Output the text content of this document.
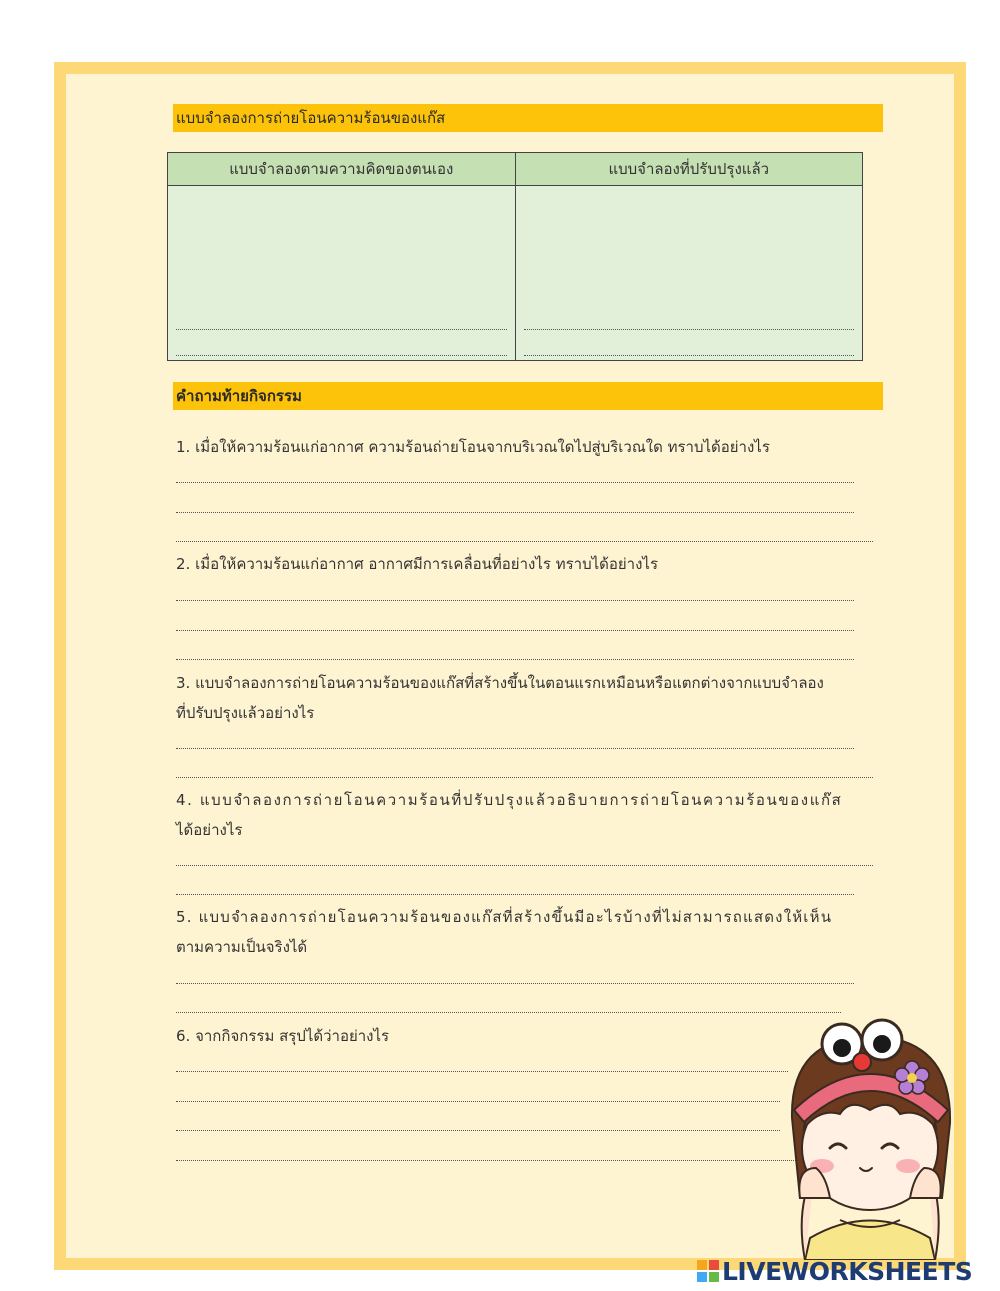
แบบจำลองการถ่ายโอนความร้อนของแก๊ส
แบบจำลองตามความคิดของตนเอง	แบบจำลองที่ปรับปรุงแล้ว

คำถามท้ายกิจกรรม
1. เมื่อให้ความร้อนแก่อากาศ ความร้อนถ่ายโอนจากบริเวณใดไปสู่บริเวณใด ทราบได้อย่างไร
2. เมื่อให้ความร้อนแก่อากาศ อากาศมีการเคลื่อนที่อย่างไร ทราบได้อย่างไร
3. แบบจำลองการถ่ายโอนความร้อนของแก๊สที่สร้างขึ้นในตอนแรกเหมือนหรือแตกต่างจากแบบจำลอง
ที่ปรับปรุงแล้วอย่างไร
4. แบบจำลองการถ่ายโอนความร้อนที่ปรับปรุงแล้วอธิบายการถ่ายโอนความร้อนของแก๊ส
ได้อย่างไร
5. แบบจำลองการถ่ายโอนความร้อนของแก๊สที่สร้างขึ้นมีอะไรบ้างที่ไม่สามารถแสดงให้เห็น
ตามความเป็นจริงได้
6. จากกิจกรรม สรุปได้ว่าอย่างไร
LIVEWORKSHEETS
